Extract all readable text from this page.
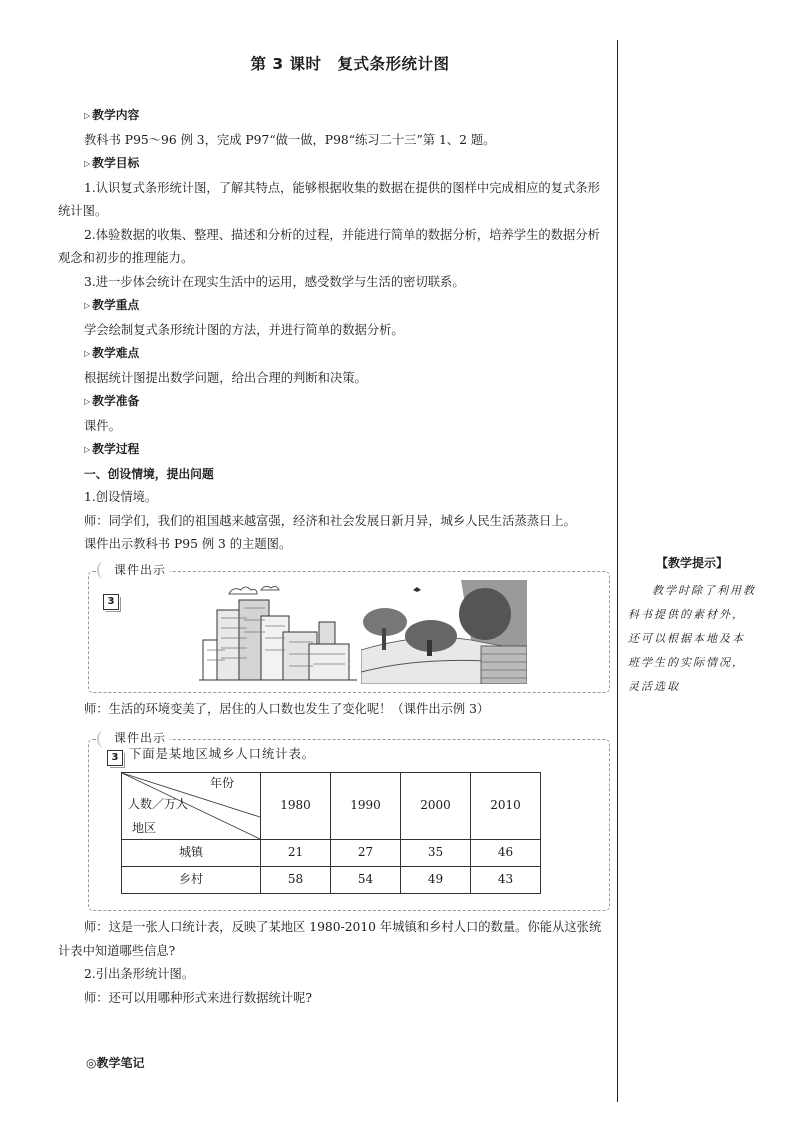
第 3 课时　复式条形统计图

▷ 教学内容

教科书 P95～96 例 3，完成 P97“做一做，P98“练习二十三”第 1、2 题。

▷ 教学目标

1.认识复式条形统计图，了解其特点，能够根据收集的数据在提供的图样中完成相应的复式条形统计图。

2.体验数据的收集、整理、描述和分析的过程，并能进行简单的数据分析，培养学生的数据分析观念和初步的推理能力。

3.进一步体会统计在现实生活中的运用，感受数学与生活的密切联系。

▷ 教学重点

学会绘制复式条形统计图的方法，并进行简单的数据分析。

▷ 教学难点

根据统计图提出数学问题，给出合理的判断和决策。

▷ 教学准备

课件。

▷ 教学过程

一、创设情境，提出问题

1.创设情境。

师：同学们，我们的祖国越来越富强，经济和社会发展日新月异，城乡人民生活蒸蒸日上。

课件出示教科书 P95 例 3 的主题图。

课件出示
3

师：生活的环境变美了，居住的人口数也发生了变化呢！（课件出示例 3）

课件出示
3 下面是某地区城乡人口统计表。
年份
人数／万人
地区	1980	1990	2000	2010
城镇	21	27	35	46
乡村	58	54	49	43

师：这是一张人口统计表，反映了某地区 1980-2010 年城镇和乡村人口的数量。你能从这张统计表中知道哪些信息?

2.引出条形统计图。

师：还可以用哪种形式来进行数据统计呢?

【教学提示】
教学时除了利用教科书提供的素材外，还可以根据本地及本班学生的实际情况，灵活选取
◎教学笔记
